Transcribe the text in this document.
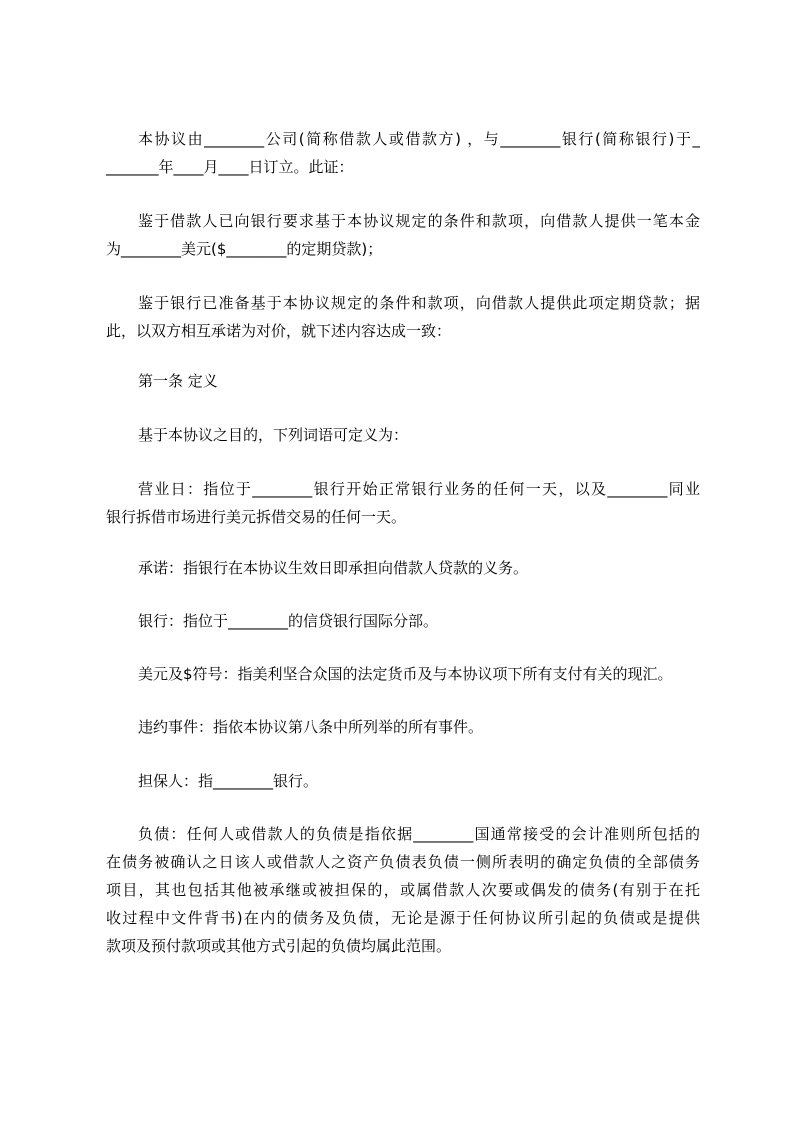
本协议由________公司(简称借款人或借款方) ，与________银行(简称银行)于_
_______年____月____日订立。此证：
鉴于借款人已向银行要求基于本协议规定的条件和款项，向借款人提供一笔本金
为________美元($________的定期贷款)；
鉴于银行已准备基于本协议规定的条件和款项，向借款人提供此项定期贷款；据
此，以双方相互承诺为对价，就下述内容达成一致：
第一条 定义
基于本协议之目的，下列词语可定义为：
营业日：指位于________银行开始正常银行业务的任何一天，以及________同业
银行拆借市场进行美元拆借交易的任何一天。
承诺：指银行在本协议生效日即承担向借款人贷款的义务。
银行：指位于________的信贷银行国际分部。
美元及$符号：指美利坚合众国的法定货币及与本协议项下所有支付有关的现汇。
违约事件：指依本协议第八条中所列举的所有事件。
担保人：指________银行。
负债：任何人或借款人的负债是指依据________国通常接受的会计准则所包括的
在债务被确认之日该人或借款人之资产负债表负债一侧所表明的确定负债的全部债务
项目，其也包括其他被承继或被担保的，或属借款人次要或偶发的债务(有别于在托
收过程中文件背书)在内的债务及负债，无论是源于任何协议所引起的负债或是提供
款项及预付款项或其他方式引起的负债均属此范围。
